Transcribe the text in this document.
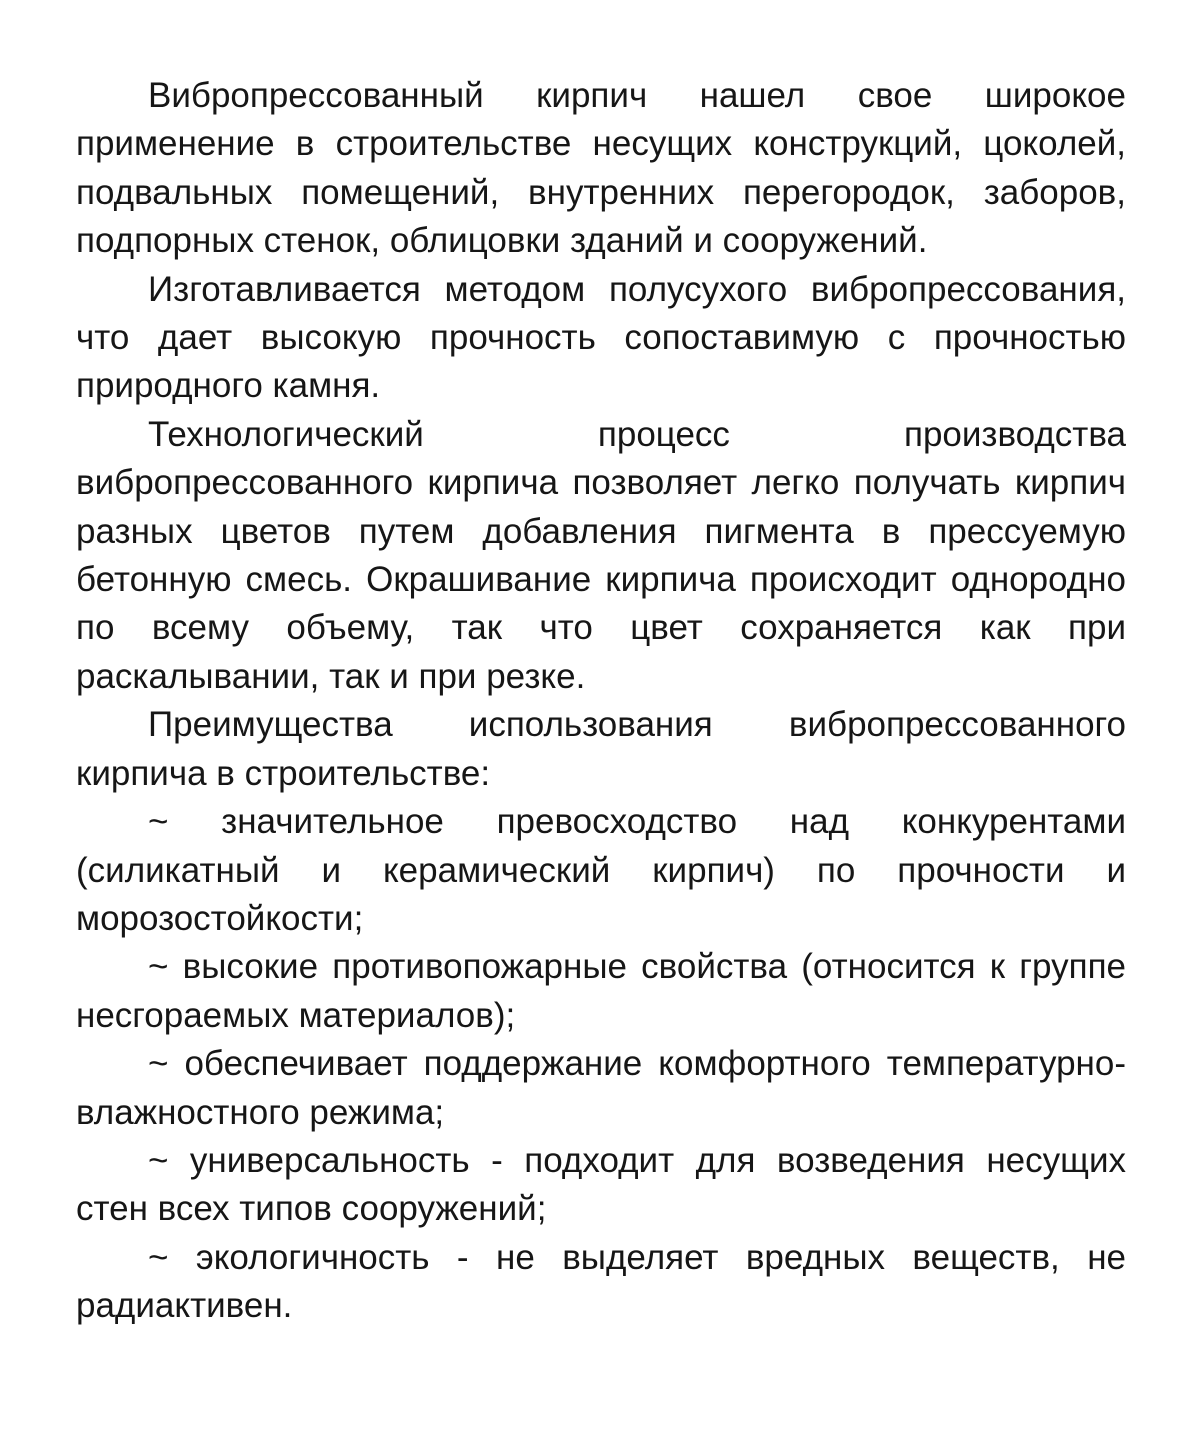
Вибропрессованный кирпич нашел свое широкое применение в строительстве несущих конструкций, цоколей, подвальных помещений, внутренних перегородок, заборов, подпорных стенок, облицовки зданий и сооружений.

Изготавливается методом полусухого вибропрессования, что дает высокую прочность сопоставимую с прочностью природного камня.

Технологический процесс производства вибропрессованного кирпича позволяет легко получать кирпич разных цветов путем добавления пигмента в прессуемую бетонную смесь. Окрашивание кирпича происходит однородно по всему объему, так что цвет сохраняется как при раскалывании, так и при резке.

Преимущества использования вибропрессованного кирпича в строительстве:

~ значительное превосходство над конкурентами (силикатный и керамический кирпич) по прочности и морозостойкости;

~ высокие противопожарные свойства (относится к группе несгораемых материалов);

~ обеспечивает поддержание комфортного температурно-влажностного режима;

~ универсальность - подходит для возведения несущих стен всех типов сооружений;

~ экологичность - не выделяет вредных веществ, не радиактивен.
